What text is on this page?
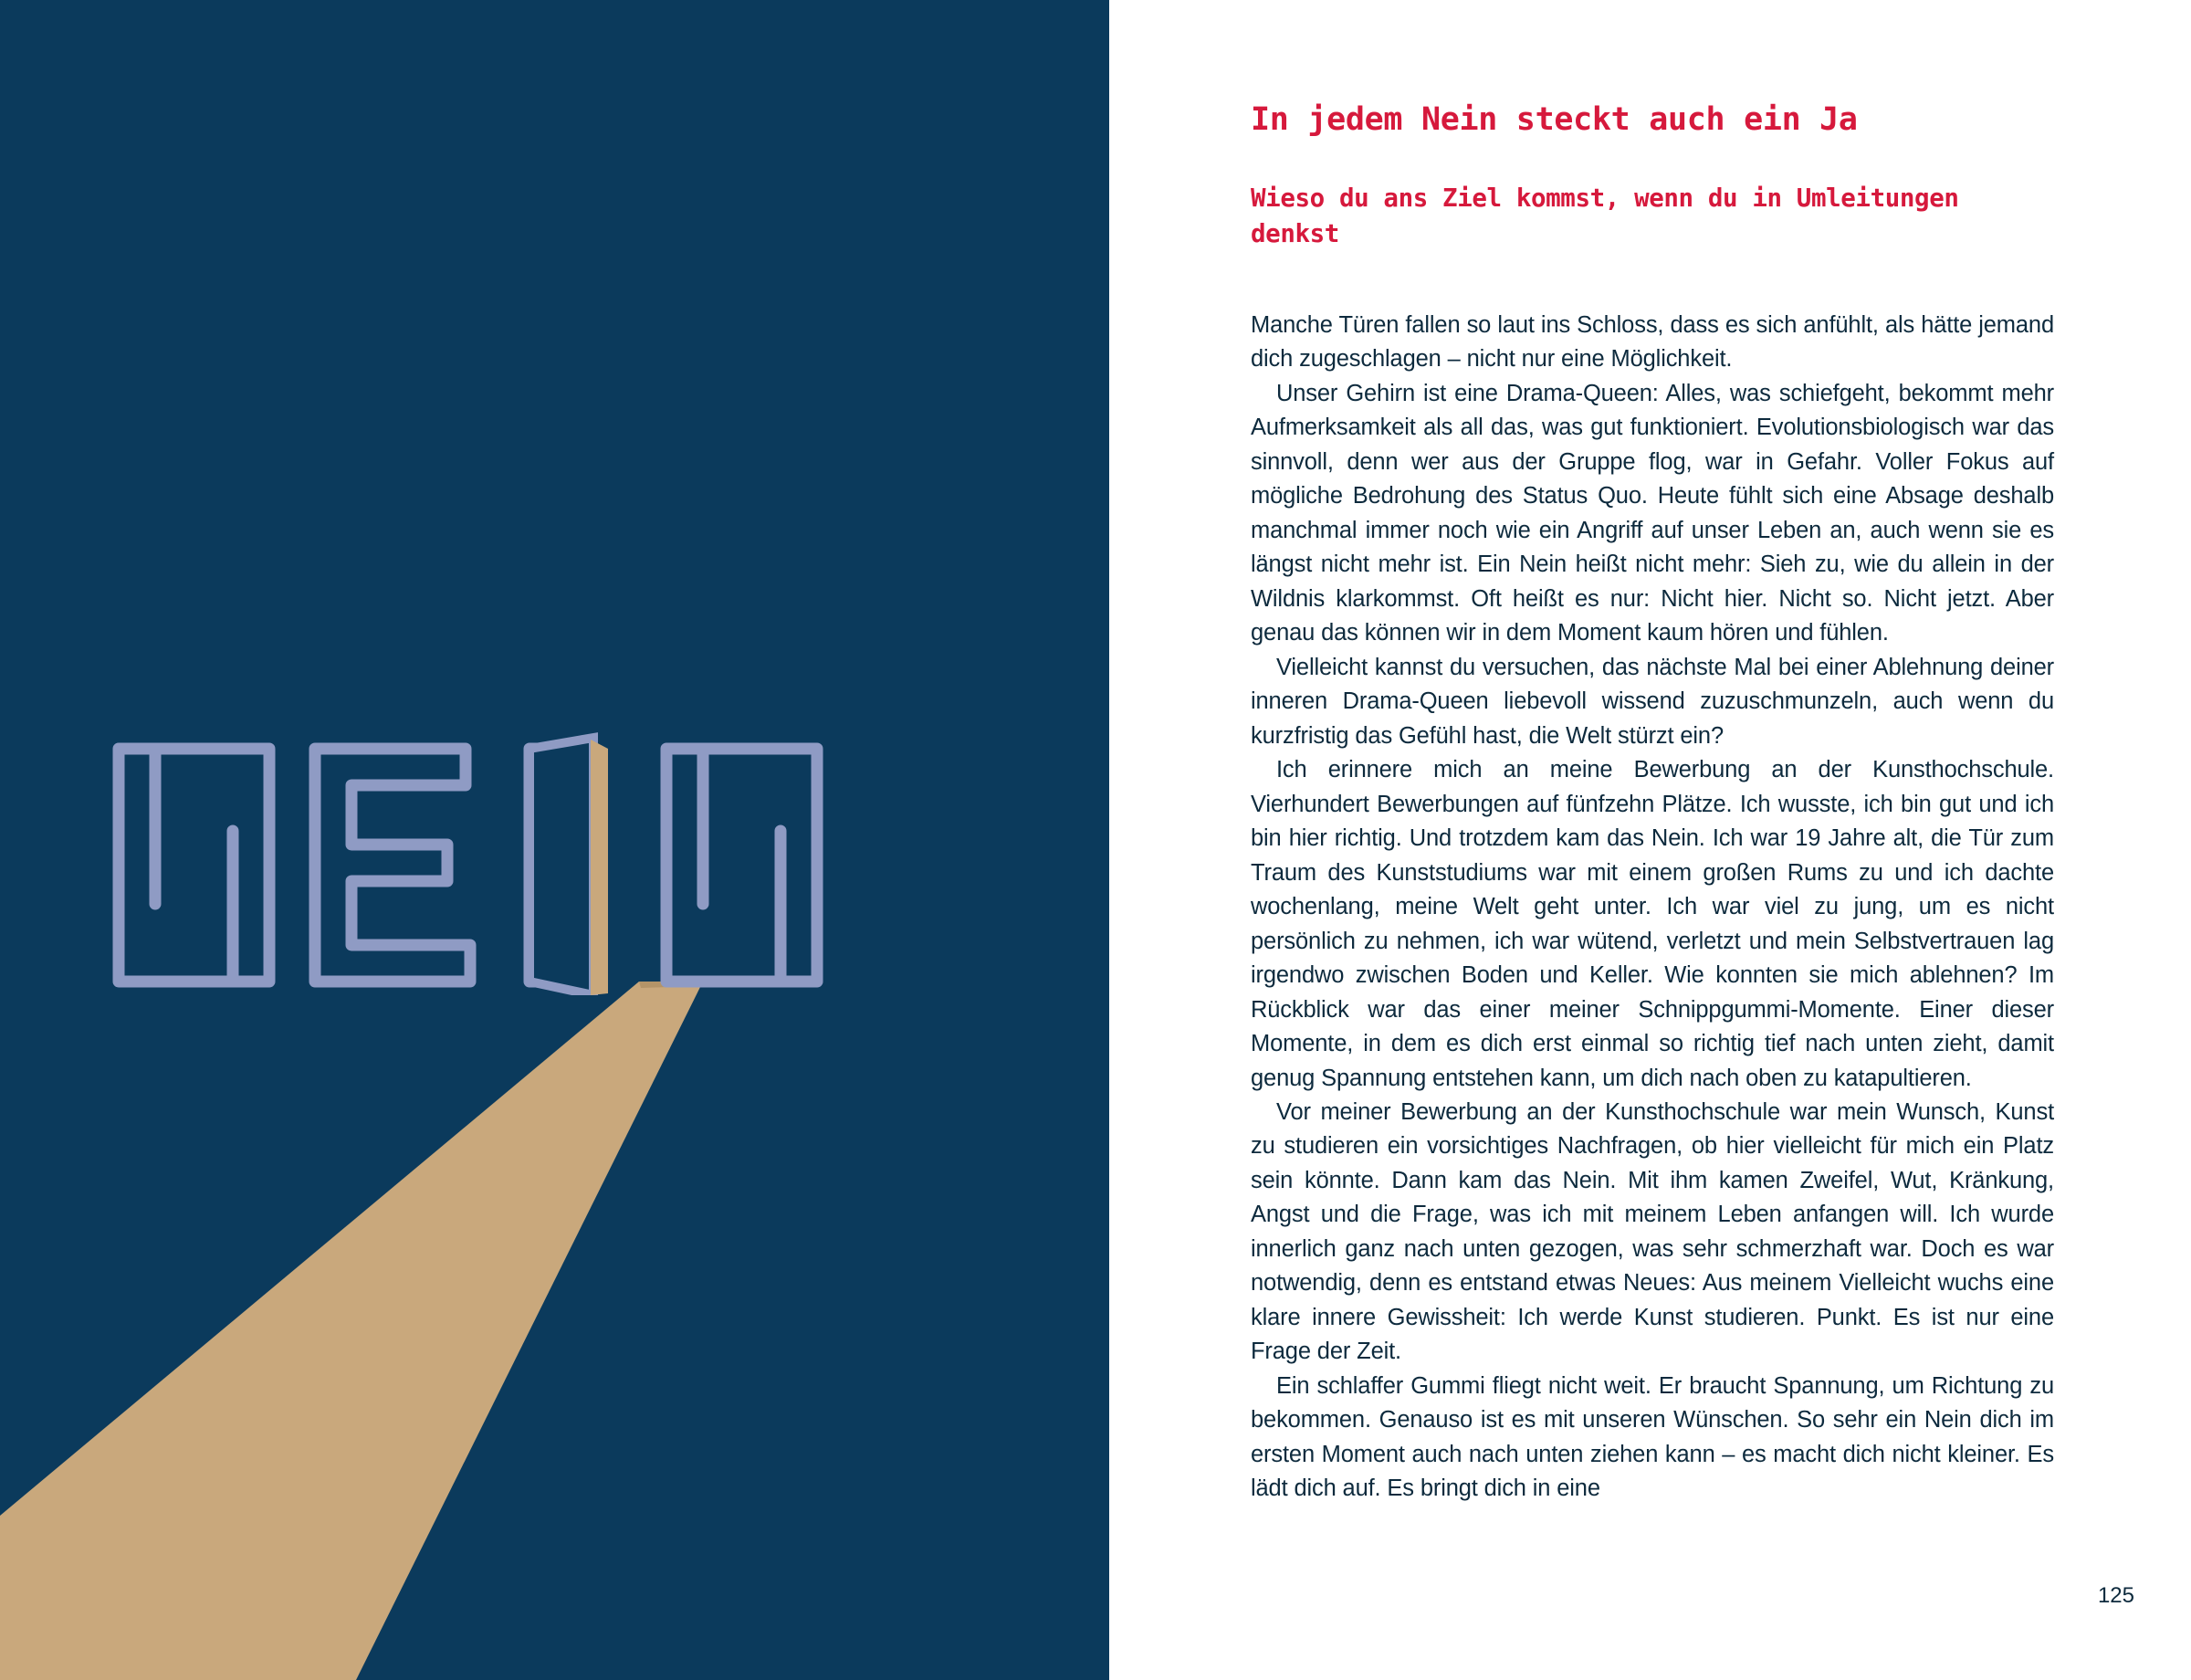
In jedem Nein steckt auch ein Ja
Wieso du ans Ziel kommst, wenn du in Umleitungen denkst

Manche Türen fallen so laut ins Schloss, dass es sich anfühlt, als hätte jemand dich zugeschlagen – nicht nur eine Möglichkeit.

Unser Gehirn ist eine Drama-Queen: Alles, was schiefgeht, bekommt mehr Aufmerksamkeit als all das, was gut funktioniert. Evolutionsbiologisch war das sinnvoll, denn wer aus der Gruppe flog, war in Gefahr. Voller Fokus auf mögliche Bedrohung des Status Quo. Heute fühlt sich eine Absage deshalb manchmal immer noch wie ein Angriff auf unser Leben an, auch wenn sie es längst nicht mehr ist. Ein Nein heißt nicht mehr: Sieh zu, wie du allein in der Wildnis klarkommst. Oft heißt es nur: Nicht hier. Nicht so. Nicht jetzt. Aber genau das können wir in dem Moment kaum hören und fühlen.

Vielleicht kannst du versuchen, das nächste Mal bei einer Ablehnung deiner inneren Drama-Queen liebevoll wissend zuzuschmunzeln, auch wenn du kurzfristig das Gefühl hast, die Welt stürzt ein?

Ich erinnere mich an meine Bewerbung an der Kunsthochschule. Vierhundert Bewerbungen auf fünfzehn Plätze. Ich wusste, ich bin gut und ich bin hier richtig. Und trotzdem kam das Nein. Ich war 19 Jahre alt, die Tür zum Traum des Kunststudiums war mit einem großen Rums zu und ich dachte wochenlang, meine Welt geht unter. Ich war viel zu jung, um es nicht persönlich zu nehmen, ich war wütend, verletzt und mein Selbstvertrauen lag irgendwo zwischen Boden und Keller. Wie konnten sie mich ablehnen? Im Rückblick war das einer meiner Schnippgummi-Momente. Einer dieser Momente, in dem es dich erst einmal so richtig tief nach unten zieht, damit genug Spannung entstehen kann, um dich nach oben zu katapultieren.

Vor meiner Bewerbung an der Kunsthochschule war mein Wunsch, Kunst zu studieren ein vorsichtiges Nachfragen, ob hier vielleicht für mich ein Platz sein könnte. Dann kam das Nein. Mit ihm kamen Zweifel, Wut, Kränkung, Angst und die Frage, was ich mit meinem Leben anfangen will. Ich wurde innerlich ganz nach unten gezogen, was sehr schmerzhaft war. Doch es war notwendig, denn es entstand etwas Neues: Aus meinem Vielleicht wuchs eine klare innere Gewissheit: Ich werde Kunst studieren. Punkt. Es ist nur eine Frage der Zeit.

Ein schlaffer Gummi fliegt nicht weit. Er braucht Spannung, um Richtung zu bekommen. Genauso ist es mit unseren Wünschen. So sehr ein Nein dich im ersten Moment auch nach unten ziehen kann – es macht dich nicht kleiner. Es lädt dich auf. Es bringt dich in eine

125
